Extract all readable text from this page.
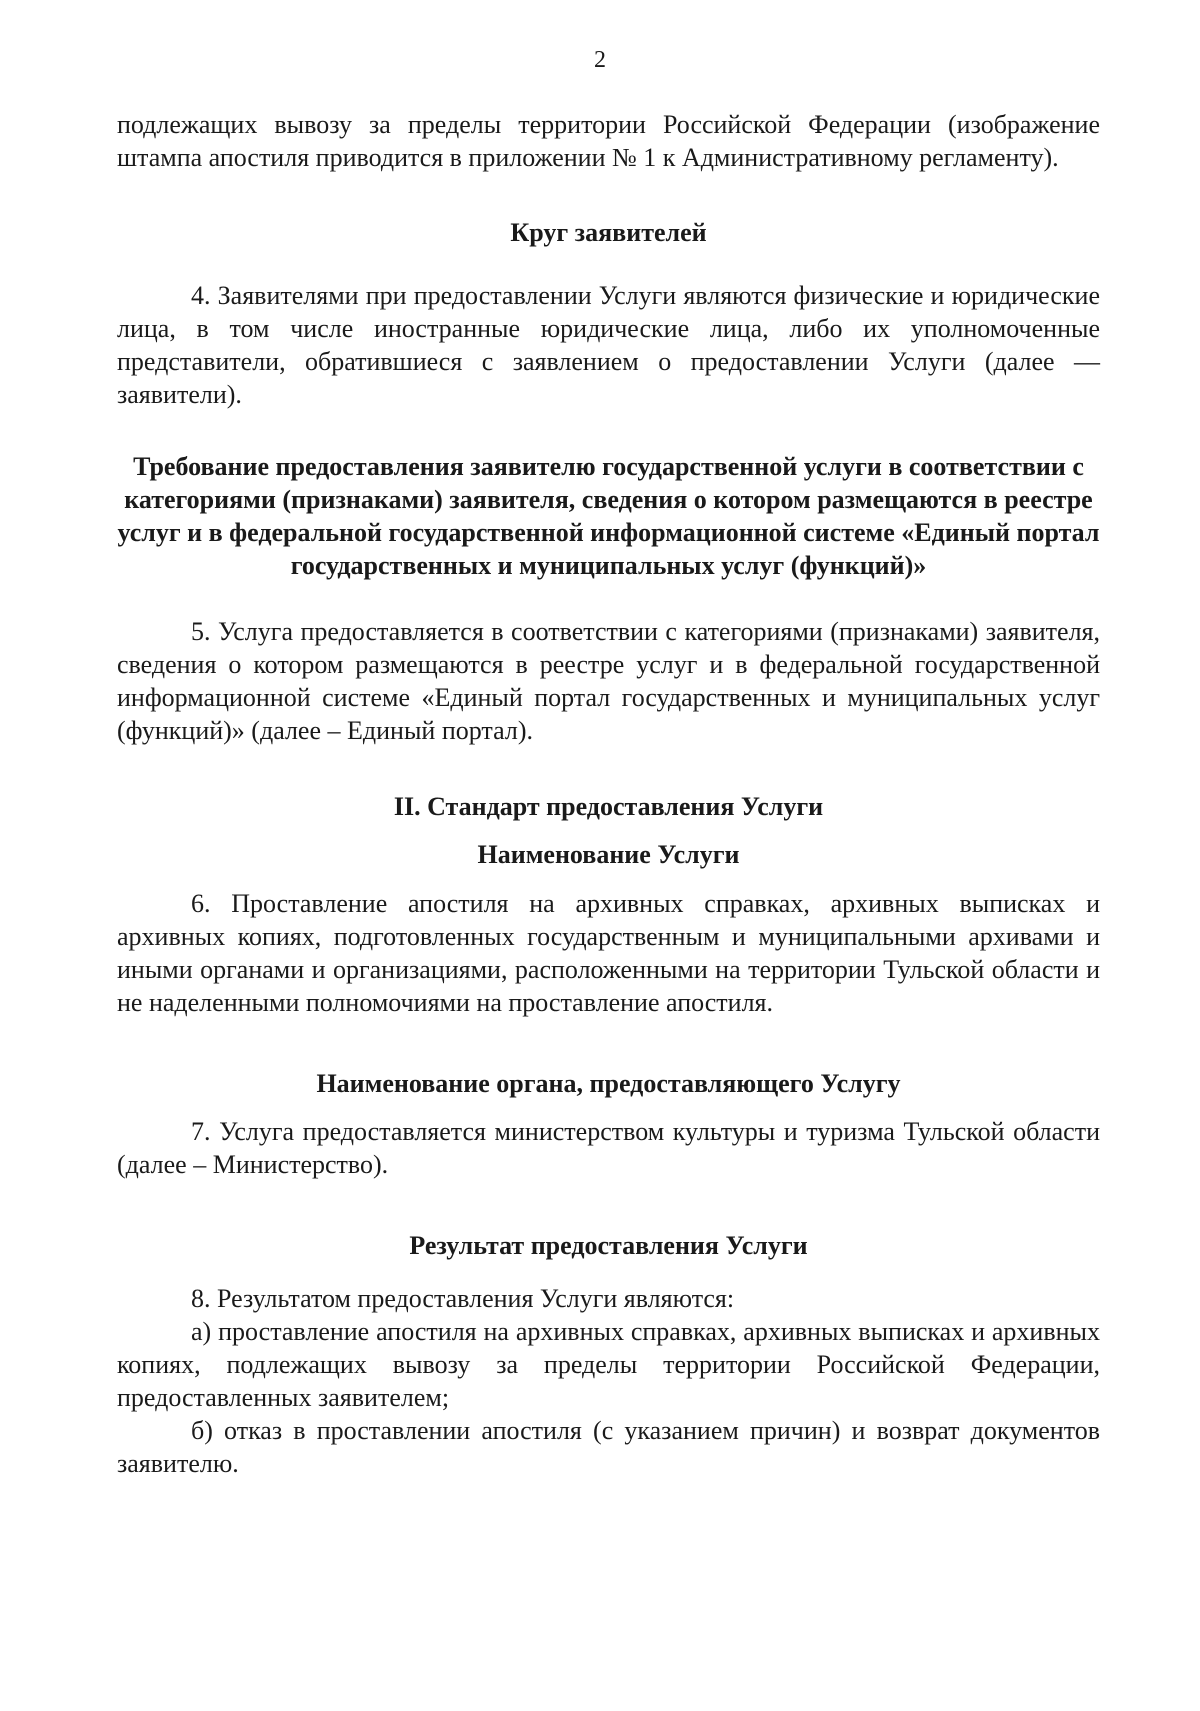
2

подлежащих вывозу за пределы территории Российской Федерации (изображение штампа апостиля приводится в приложении № 1 к Административному регламенту).

Круг заявителей

4. Заявителями при предоставлении Услуги являются физические и юридические лица, в том числе иностранные юридические лица, либо их уполномоченные представители, обратившиеся с заявлением о предоставлении Услуги (далее — заявители).

Требование предоставления заявителю государственной услуги в соответствии с категориями (признаками) заявителя, сведения о котором размещаются в реестре услуг и в федеральной государственной информационной системе «Единый портал государственных и муниципальных услуг (функций)»

5. Услуга предоставляется в соответствии с категориями (признаками) заявителя, сведения о котором размещаются в реестре услуг и в федеральной государственной информационной системе «Единый портал государственных и муниципальных услуг (функций)» (далее – Единый портал).

II. Стандарт предоставления Услуги

Наименование Услуги

6. Проставление апостиля на архивных справках, архивных выписках и архивных копиях, подготовленных государственным и муниципальными архивами и иными органами и организациями, расположенными на территории Тульской области и не наделенными полномочиями на проставление апостиля.

Наименование органа, предоставляющего Услугу

7. Услуга предоставляется министерством культуры и туризма Тульской области (далее – Министерство).

Результат предоставления Услуги

8. Результатом предоставления Услуги являются:

а) проставление апостиля на архивных справках, архивных выписках и архивных копиях, подлежащих вывозу за пределы территории Российской Федерации, предоставленных заявителем;

б) отказ в проставлении апостиля (с указанием причин) и возврат документов заявителю.
